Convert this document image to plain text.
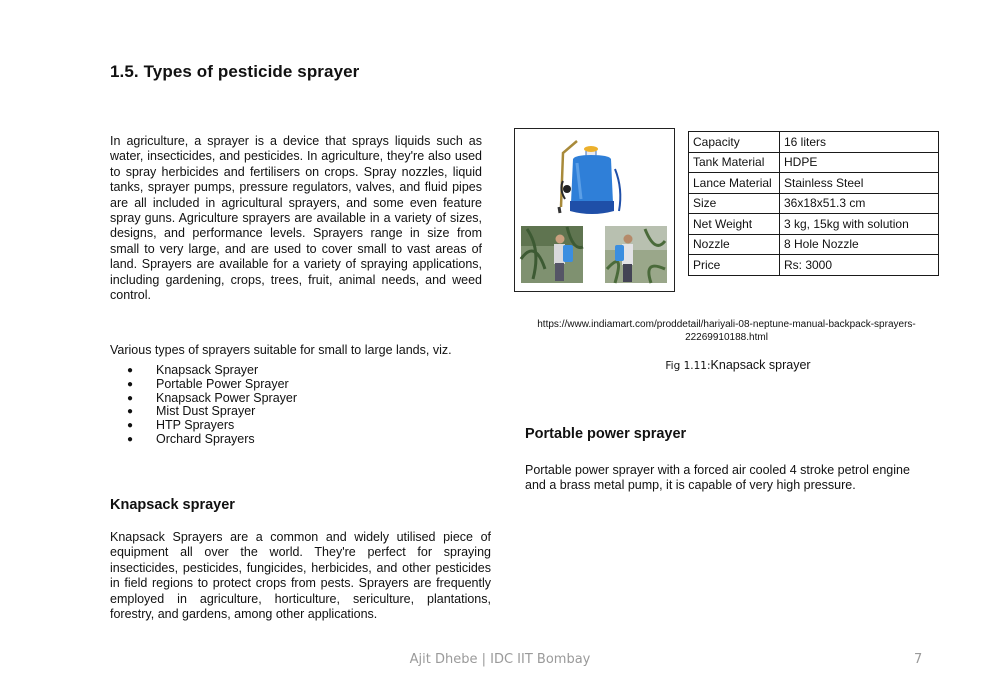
1.5. Types of pesticide sprayer

In agriculture, a sprayer is a device that sprays liquids such as water, insecticides, and pesticides. In agriculture, they're also used to spray herbicides and fertilisers on crops. Spray nozzles, liquid tanks, sprayer pumps, pressure regulators, valves, and fluid pipes are all included in agricultural sprayers, and some even feature spray guns. Agriculture sprayers are available in a variety of sizes, designs, and performance levels. Sprayers range in size from small to very large, and are used to cover small to vast areas of land. Sprayers are available for a variety of spraying applications, including gardening, crops, trees, fruit, animal needs, and weed control.

Various types of sprayers suitable for small to large lands, viz.

● Knapsack Sprayer
● Portable Power Sprayer
● Knapsack Power Sprayer
● Mist Dust Sprayer
● HTP Sprayers
● Orchard Sprayers
Knapsack sprayer

Knapsack Sprayers are a common and widely utilised piece of equipment all over the world. They're perfect for spraying insecticides, pesticides, fungicides, herbicides, and other pesticides in field regions to protect crops from pests. Sprayers are frequently employed in agriculture, horticulture, sericulture, plantations, forestry, and gardens, among other applications.

Capacity	16 liters
Tank Material	HDPE
Lance Material	Stainless Steel
Size	36x18x51.3 cm
Net Weight	3 kg, 15kg with solution
Nozzle	8 Hole Nozzle
Price	Rs: 3000
https://www.indiamart.com/proddetail/hariyali-08-neptune-manual-backpack-sprayers-22269910188.html
Fig 1.11:Knapsack sprayer
Portable power sprayer

Portable power sprayer with a forced air cooled 4 stroke petrol engine and a brass metal pump, it is capable of very high pressure.

Ajit Dhebe | IDC IIT Bombay	7
